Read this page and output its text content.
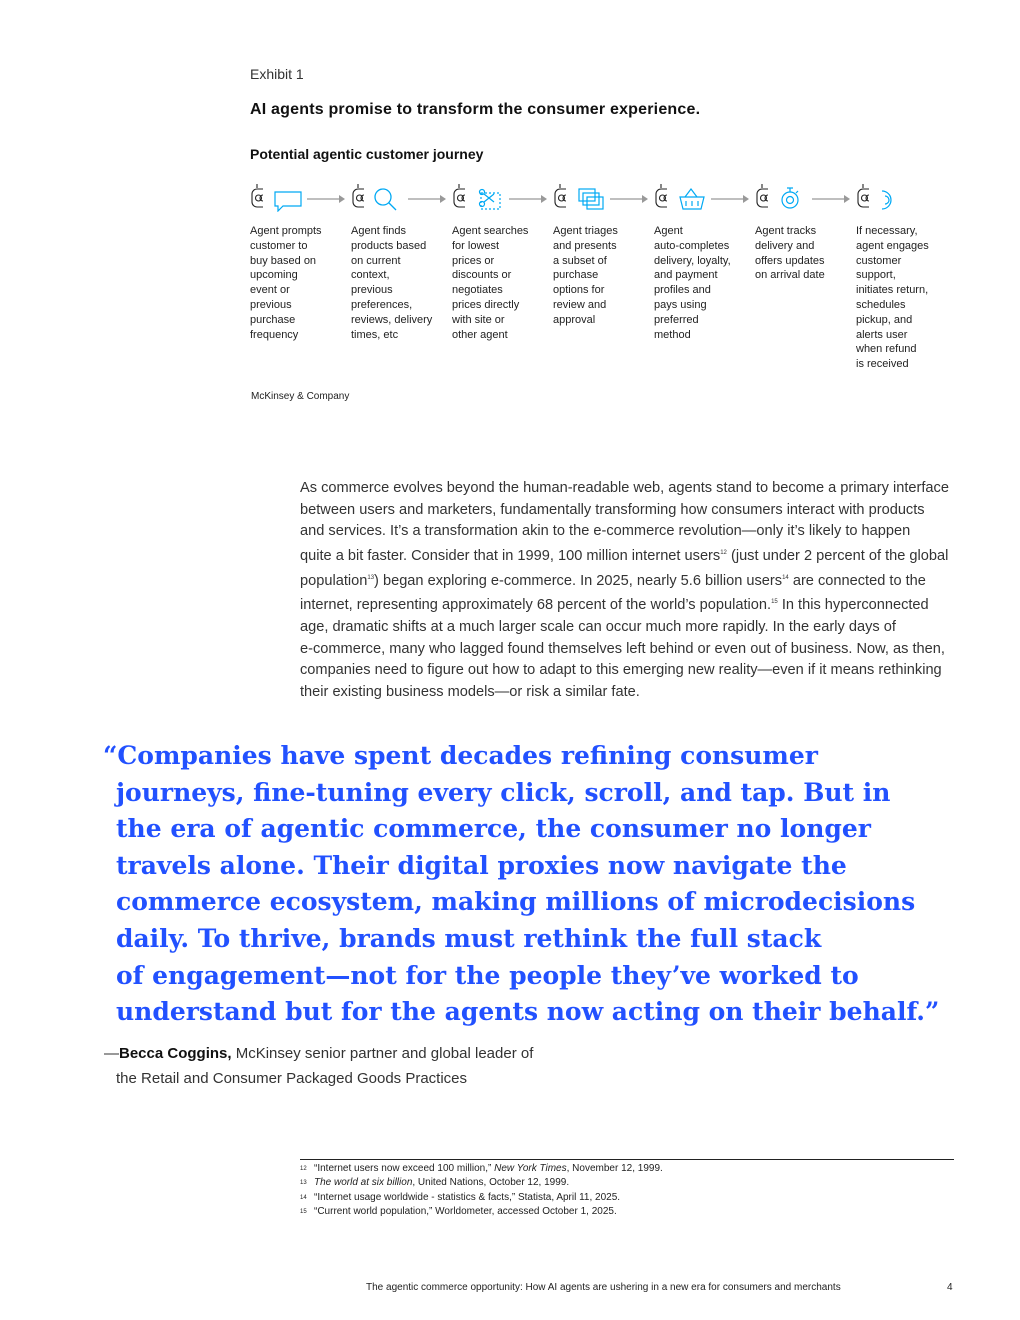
Exhibit 1
AI agents promise to transform the consumer experience.
Potential agentic customer journey
Agent prompts
customer to
buy based on
upcoming
event or
previous
purchase
frequency
Agent finds
products based
on current
context,
previous
preferences,
reviews, delivery
times, etc
Agent searches
for lowest
prices or
discounts or
negotiates
prices directly
with site or
other agent
Agent triages
and presents
a subset of
purchase
options for
review and
approval
Agent
auto-completes
delivery, loyalty,
and payment
profiles and
pays using
preferred
method
Agent tracks
delivery and
offers updates
on arrival date
If necessary,
agent engages
customer
support,
initiates return,
schedules
pickup, and
alerts user
when refund
is received
McKinsey & Company

As commerce evolves beyond the human-readable web, agents stand to become a primary interface

between users and marketers, fundamentally transforming how consumers interact with products

and services. It’s a transformation akin to the e-commerce revolution—only it’s likely to happen

quite a bit faster. Consider that in 1999, 100 million internet users$^{12}$ (just under 2 percent of the global

population$^{13}$) began exploring e-commerce. In 2025, nearly 5.6 billion users$^{14}$ are connected to the

internet, representing approximately 68 percent of the world’s population.$^{15}$ In this hyperconnected

age, dramatic shifts at a much larger scale can occur much more rapidly. In the early days of

e-commerce, many who lagged found themselves left behind or even out of business. Now, as then,

companies need to figure out how to adapt to this emerging new reality—even if it means rethinking

their existing business models—or risk a similar fate.

“Companies have spent decades refining consumer
journeys, fine-tuning every click, scroll, and tap. But in
the era of agentic commerce, the consumer no longer
travels alone. Their digital proxies now navigate the
commerce ecosystem, making millions of microdecisions
daily. To thrive, brands must rethink the full stack
of engagement—not for the people they’ve worked to
understand but for the agents now acting on their behalf.”
—Becca Coggins, McKinsey senior partner and global leader of
the Retail and Consumer Packaged Goods Practices
12 “Internet users now exceed 100 million,” New York Times, November 12, 1999.
13 The world at six billion, United Nations, October 12, 1999.
14 “Internet usage worldwide - statistics & facts,” Statista, April 11, 2025.
15 “Current world population,” Worldometer, accessed October 1, 2025.
The agentic commerce opportunity: How AI agents are ushering in a new era for consumers and merchants	4
